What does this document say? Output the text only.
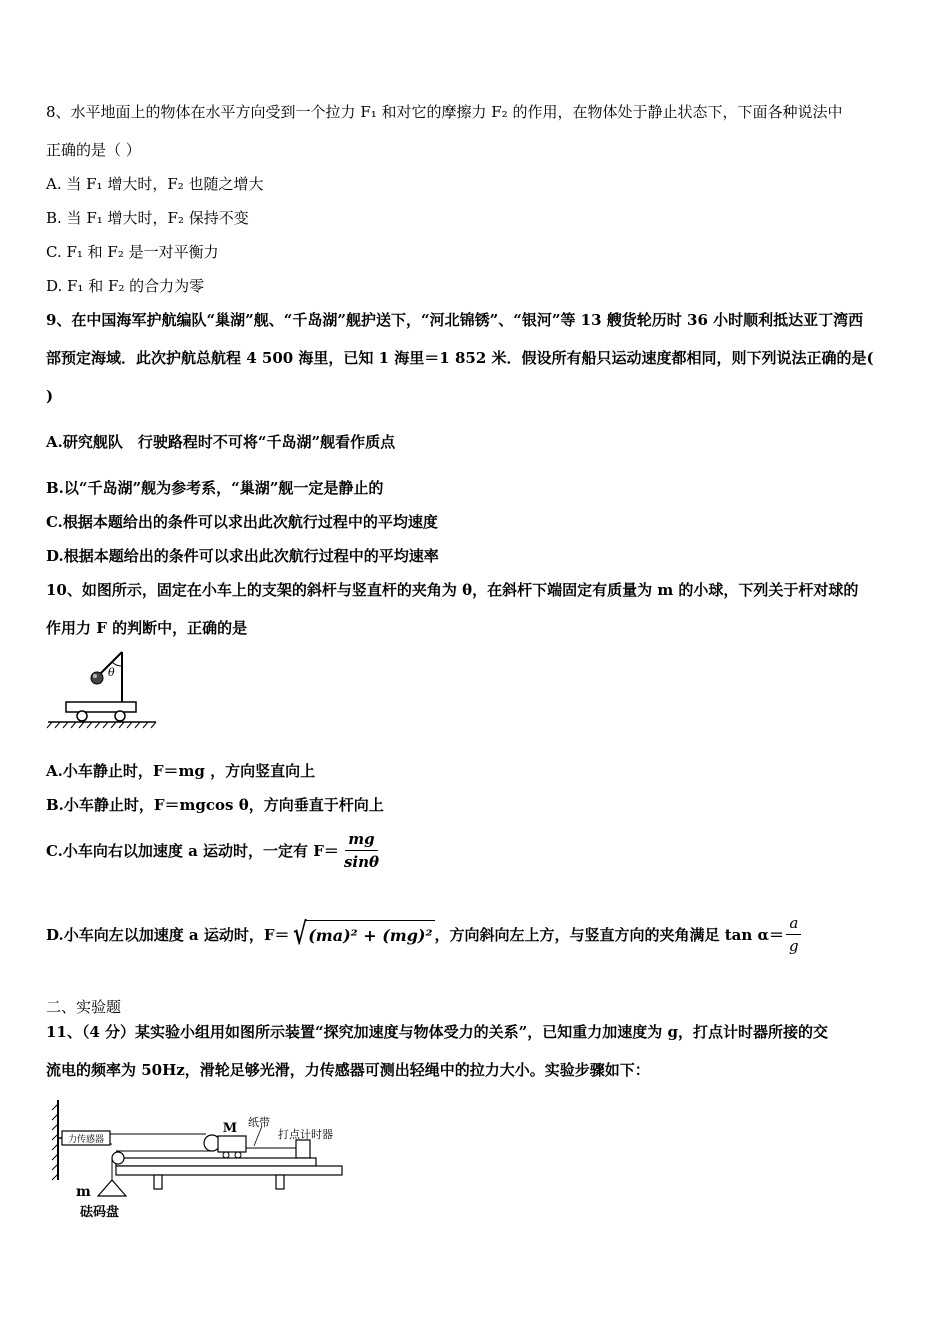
8、水平地面上的物体在水平方向受到一个拉力 F₁ 和对它的摩擦力 F₂ 的作用，在物体处于静止状态下，下面各种说法中
正确的是（ ）
A. 当 F₁ 增大时，F₂ 也随之增大
B. 当 F₁ 增大时，F₂ 保持不变
C. F₁ 和 F₂ 是一对平衡力
D. F₁ 和 F₂ 的合力为零
9、在中国海军护航编队“巢湖”舰、“千岛湖”舰护送下，“河北锦锈”、“银河”等 13 艘货轮历时 36 小时顺利抵达亚丁湾西
部预定海域．此次护航总航程 4 500 海里，已知 1 海里＝1 852 米．假设所有船只运动速度都相同，则下列说法正确的是(
)
A.研究舰队　行驶路程时不可将“千岛湖”舰看作质点
B.以“千岛湖”舰为参考系，“巢湖”舰一定是静止的
C.根据本题给出的条件可以求出此次航行过程中的平均速度
D.根据本题给出的条件可以求出此次航行过程中的平均速率
10、如图所示，固定在小车上的支架的斜杆与竖直杆的夹角为 θ，在斜杆下端固定有质量为 m 的小球，下列关于杆对球的
作用力 F 的判断中，正确的是
θ
A.小车静止时，F＝mg ，方向竖直向上
B.小车静止时，F＝mgcos θ，方向垂直于杆向上
C.小车向右以加速度 a 运动时，一定有 $F= \frac{mg}{\sin\theta}$
D.小车向左以加速度 a 运动时，F＝ √ (ma)² + (mg)² ，方向斜向左上方，与竖直方向的夹角满足 $\tan \alpha= \frac{a}{g}$
二、实验题
11、（4 分）某实验小组用如图所示装置“探究加速度与物体受力的关系”，已知重力加速度为 g，打点计时器所接的交
流电的频率为 50Hz，滑轮足够光滑，力传感器可测出轻绳中的拉力大小。实验步骤如下：
力传感器
M 纸带
打点计时器
m
砝码盘
